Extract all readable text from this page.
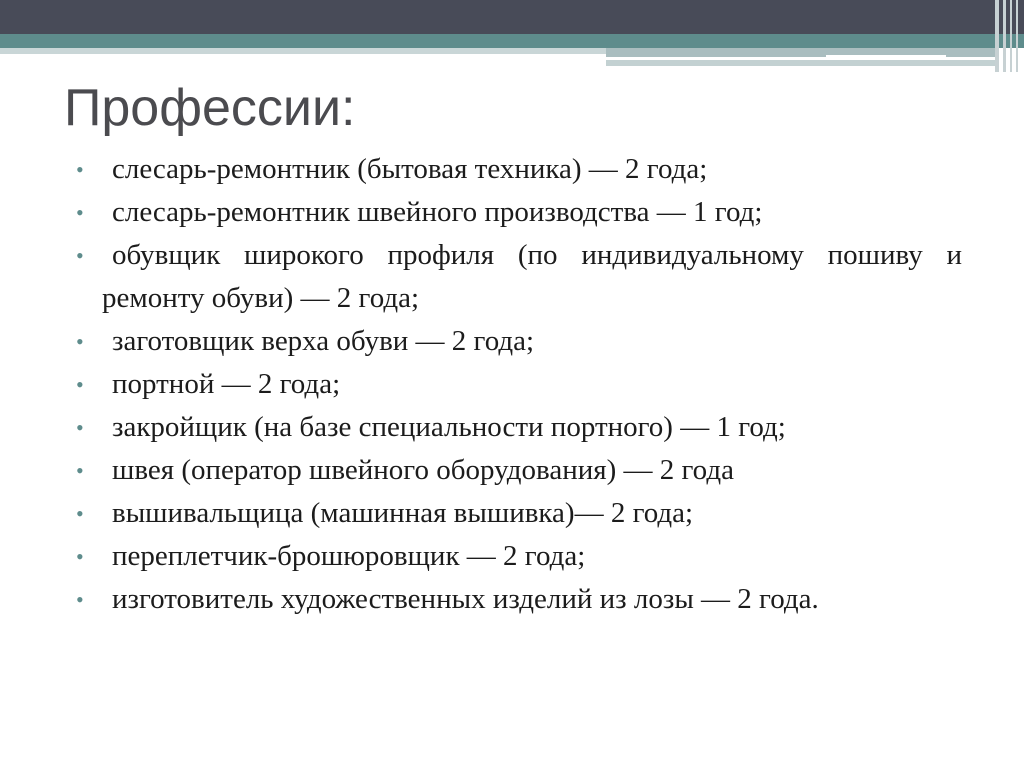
Профессии:
• слесарь-ремонтник (бытовая техника) — 2 года;
• слесарь-ремонтник швейного производства — 1 год;
• обувщик широкого профиля (по индивидуальному пошиву и ремонту обуви) — 2 года;
• заготовщик верха обуви — 2 года;
• портной — 2 года;
• закройщик (на базе специальности портного) — 1 год;
• швея (оператор швейного оборудования) — 2 года
• вышивальщица (машинная вышивка)— 2 года;
• переплетчик-брошюровщик — 2 года;
• изготовитель художественных изделий из лозы — 2 года.
